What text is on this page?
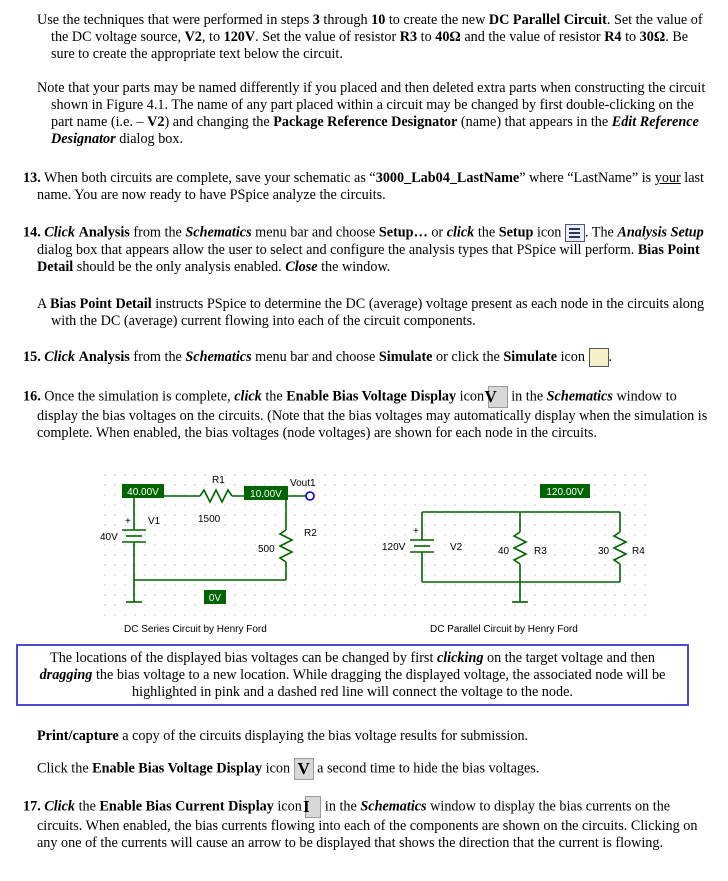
Use the techniques that were performed in steps 3 through 10 to create the new DC Parallel Circuit. Set the value of the DC voltage source, V2, to 120V. Set the value of resistor R3 to 40Ω and the value of resistor R4 to 30Ω. Be sure to create the appropriate text below the circuit.

Note that your parts may be named differently if you placed and then deleted extra parts when constructing the circuit shown in Figure 4.1. The name of any part placed within a circuit may be changed by first double-clicking on the part name (i.e. – V2) and changing the Package Reference Designator (name) that appears in the Edit Reference Designator dialog box.

13. When both circuits are complete, save your schematic as “3000_Lab04_LastName” where “LastName” is your last name. You are now ready to have PSpice analyze the circuits.

14. Click Analysis from the Schematics menu bar and choose Setup… or click the Setup icon . The Analysis Setup dialog box that appears allow the user to select and configure the analysis types that PSpice will perform. Bias Point Detail should be the only analysis enabled. Close the window.

A Bias Point Detail instructs PSpice to determine the DC (average) voltage present as each node in the circuits along with the DC (average) current flowing into each of the circuit components.

15. Click Analysis from the Schematics menu bar and choose Simulate or click the Simulate icon .

16. Once the simulation is complete, click the Enable Bias Voltage Display icon V in the Schematics window to display the bias voltages on the circuits. (Note that the bias voltages may automatically display when the simulation is complete. When enabled, the bias voltages (node voltages) are shown for each node in the circuits.

40.00V
R1
10.00V
Vout1
+ V1	1500
40V	R2
500
0V
DC Series Circuit by Henry Ford
120.00V
+
120V	V2	40 R3	30 R4
DC Parallel Circuit by Henry Ford
The locations of the displayed bias voltages can be changed by first clicking on the target voltage and then dragging the bias voltage to a new location. While dragging the displayed voltage, the associated node will be highlighted in pink and a dashed red line will connect the voltage to the node.

Print/capture a copy of the circuits displaying the bias voltage results for submission.

Click the Enable Bias Voltage Display icon V a second time to hide the bias voltages.

17. Click the Enable Bias Current Display icon I in the Schematics window to display the bias currents on the circuits. When enabled, the bias currents flowing into each of the components are shown on the circuits. Clicking on any one of the currents will cause an arrow to be displayed that shows the direction that the current is flowing.
